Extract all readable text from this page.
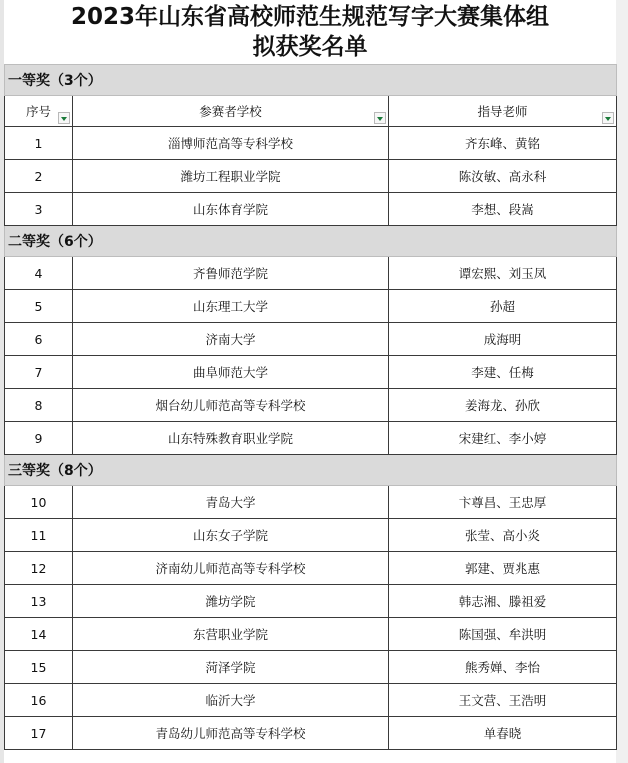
2023年山东省高校师范生规范写字大赛集体组
拟获奖名单
一等奖（3个）		
序号	参赛者学校	指导老师

1	淄博师范高等专科学校	齐东峰、黄铭
2	潍坊工程职业学院	陈汝敏、高永科
3	山东体育学院	李想、段嵩
二等奖（6个）		
4	齐鲁师范学院	谭宏熙、刘玉凤
5	山东理工大学	孙超
6	济南大学	成海明
7	曲阜师范大学	李建、任梅
8	烟台幼儿师范高等专科学校	姜海龙、孙欣
9	山东特殊教育职业学院	宋建红、李小婷
三等奖（8个）		
10	青岛大学	卞尊昌、王忠厚
11	山东女子学院	张莹、高小炎
12	济南幼儿师范高等专科学校	郭建、贾兆惠
13	潍坊学院	韩志湘、滕祖爱
14	东营职业学院	陈国强、牟洪明
15	菏泽学院	熊秀婵、李怡
16	临沂大学	王文营、王浩明
17	青岛幼儿师范高等专科学校	单春晓
